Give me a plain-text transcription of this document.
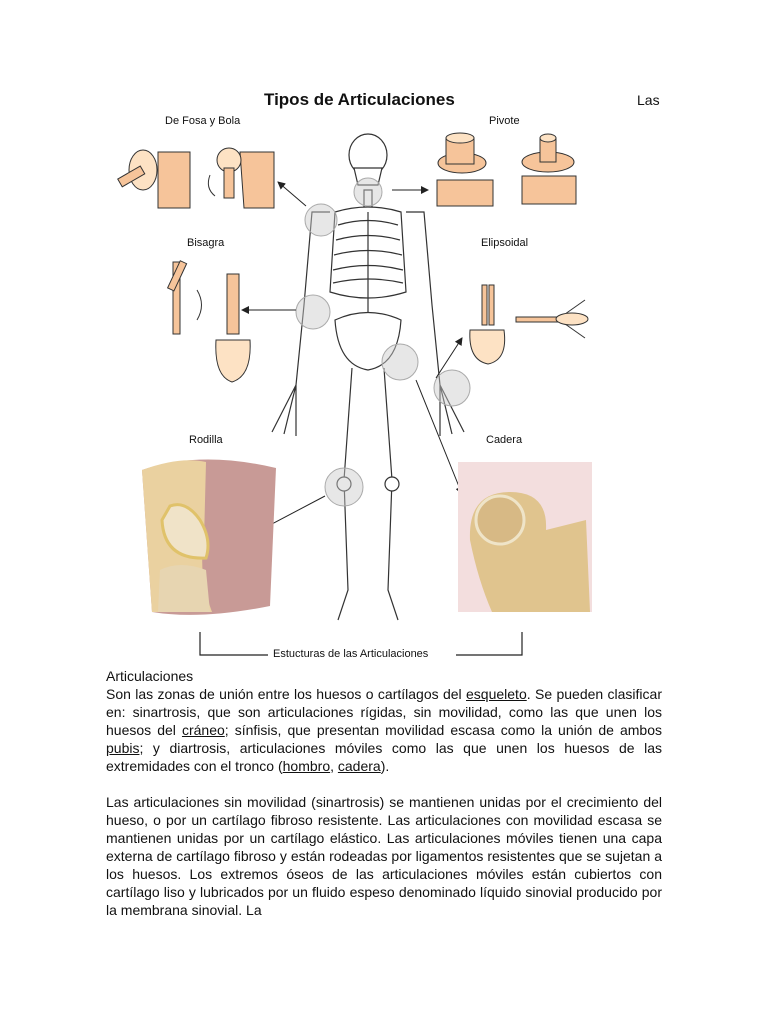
Tipos de Articulaciones	Las
De Fosa y Bola	Pivote
Bisagra	Elipsoidal
Rodilla	Cadera
Estucturas de las Articulaciones

Articulaciones

Son las zonas de unión entre los huesos o cartílagos del esqueleto. Se pueden clasificar en: sinartrosis, que son articulaciones rígidas, sin movilidad, como las que unen los huesos del cráneo; sínfisis, que presentan movilidad escasa como la unión de ambos pubis; y diartrosis, articulaciones móviles como las que unen los huesos de las extremidades con el tronco (hombro, cadera).

Las articulaciones sin movilidad (sinartrosis) se mantienen unidas por el crecimiento del hueso, o por un cartílago fibroso resistente. Las articulaciones con movilidad escasa se mantienen unidas por un cartílago elástico. Las articulaciones móviles tienen una capa externa de cartílago fibroso y están rodeadas por ligamentos resistentes que se sujetan a los huesos. Los extremos óseos de las articulaciones móviles están cubiertos con cartílago liso y lubricados por un fluido espeso denominado líquido sinovial producido por la membrana sinovial. La
